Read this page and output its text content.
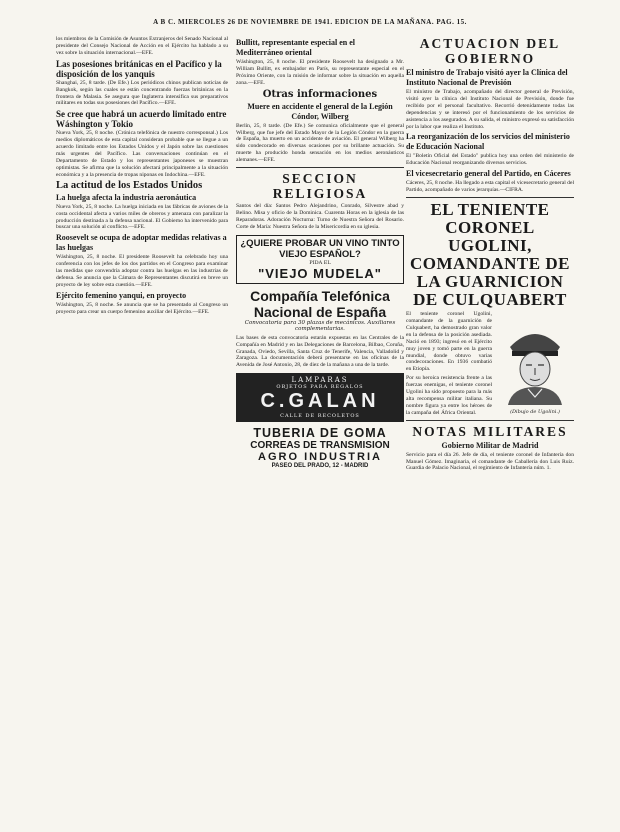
A B C. MIERCOLES 26 DE NOVIEMBRE DE 1941. EDICION DE LA MAÑANA. PAG. 15.

los miembros de la Comisión de Asuntos Extranjeros del Senado Nacional al presidente del Consejo Nacional de Acción en el Ejército ha hablado a su vez sobre la situación internacional.—EFE.

Las posesiones británicas en el Pacífico y la disposición de los yanquis

Shanghai, 25, 8 tarde. (De Efe.) Los periódicos chinos publican noticias de Bangkok, según las cuales se están concentrando fuerzas británicas en la frontera de Malasia. Se asegura que Inglaterra intensifica sus preparativos militares en todas sus posesiones del Pacífico.—EFE.

Se cree que habrá un acuerdo limitado entre Wáshington y Tokio

Nueva York, 25, 8 noche. (Crónica telefónica de nuestro corresponsal.) Los medios diplomáticos de esta capital consideran probable que se llegue a un acuerdo limitado entre los Estados Unidos y el Japón sobre las cuestiones más urgentes del Pacífico. Las conversaciones continúan en el Departamento de Estado y los representantes japoneses se muestran optimistas. Se afirma que la solución afectará principalmente a la situación económica y a la presencia de tropas niponas en Indochina.—EFE.

La actitud de los Estados Unidos
La huelga afecta la industria aeronáutica

Nueva York, 25, 8 noche. La huelga iniciada en las fábricas de aviones de la costa occidental afecta a varios miles de obreros y amenaza con paralizar la producción destinada a la defensa nacional. El Gobierno ha intervenido para buscar una solución al conflicto.—EFE.

Roosevelt se ocupa de adoptar medidas relativas a las huelgas

Wáshington, 25, 8 noche. El presidente Roosevelt ha celebrado hoy una conferencia con los jefes de los dos partidos en el Congreso para examinar las medidas que convendría adoptar contra las huelgas en las industrias de defensa. Se anuncia que la Cámara de Representantes discutirá en breve un proyecto de ley sobre esta cuestión.—EFE.

Ejército femenino yanqui, en proyecto

Wáshington, 25, 8 noche. Se anuncia que se ha presentado al Congreso un proyecto para crear un cuerpo femenino auxiliar del Ejército.—EFE.

Bullitt, representante especial en el Mediterráneo oriental

Wáshington, 25, 8 noche. El presidente Roosevelt ha designado a Mr. William Bullitt, ex embajador en París, su representante especial en el Próximo Oriente, con la misión de informar sobre la situación en aquella zona.—EFE.

Otras informaciones
Muere en accidente el general de la Legión Cóndor, Wilberg

Berlín, 25, 8 tarde. (De Efe.) Se comunica oficialmente que el general Wilberg, que fue jefe del Estado Mayor de la Legión Cóndor en la guerra de España, ha muerto en un accidente de aviación. El general Wilberg ha sido condecorado en diversas ocasiones por su brillante actuación. Su muerte ha producido honda sensación en los medios aeronáuticos alemanes.—EFE.

SECCION RELIGIOSA

Santos del día: Santos Pedro Alejandrino, Conrado, Silvestre abad y Belino. Misa y oficio de la Dominica. Cuarenta Horas en la iglesia de las Reparadoras. Adoración Nocturna: Turno de Nuestra Señora del Rosario. Corte de María: Nuestra Señora de la Misericordia en su iglesia.

¿QUIERE PROBAR UN VINO TINTO VIEJO ESPAÑOL?
PIDA EL
"VIEJO MUDELA"
Compañía Telefónica Nacional de España
Convocatoria para 30 plazas de mecánicos. Auxiliares complementarias.

Las bases de esta convocatoria estarán expuestas en las Centrales de la Compañía en Madrid y en las Delegaciones de Barcelona, Bilbao, Coruña, Granada, Oviedo, Sevilla, Santa Cruz de Tenerife, Valencia, Valladolid y Zaragoza. La documentación deberá presentarse en las oficinas de la Avenida de José Antonio, 28, de diez de la mañana a una de la tarde.

LAMPARAS
OBJETOS PARA REGALOS
C.GALAN
CALLE DE RECOLETOS
TUBERIA DE GOMA
CORREAS DE TRANSMISION
AGRO INDUSTRIA
PASEO DEL PRADO, 12 - MADRID
ACTUACION DEL GOBIERNO
El ministro de Trabajo visitó ayer la Clínica del Instituto Nacional de Previsión

El ministro de Trabajo, acompañado del director general de Previsión, visitó ayer la clínica del Instituto Nacional de Previsión, donde fue recibido por el personal facultativo. Recorrió detenidamente todas las dependencias y se interesó por el funcionamiento de los servicios de asistencia a los asegurados. A su salida, el ministro expresó su satisfacción por la labor que realiza el Instituto.

La reorganización de los servicios del ministerio de Educación Nacional

El "Boletín Oficial del Estado" publica hoy una orden del ministerio de Educación Nacional reorganizando diversos servicios.

El vicesecretario general del Partido, en Cáceres

Cáceres, 25, 8 noche. Ha llegado a esta capital el vicesecretario general del Partido, acompañado de varios jerarquías.—CIFRA.

EL TENIENTE CORONEL UGOLINI, COMANDANTE DE LA GUARNICION DE CULQUABERT
(Dibujo de Ugolini.)

El teniente coronel Ugolini, comandante de la guarnición de Culquabert, ha demostrado gran valor en la defensa de la posición asediada. Nació en 1893; ingresó en el Ejército muy joven y tomó parte en la guerra mundial, donde obtuvo varias condecoraciones. En 1936 combatió en Etiopía.

Por su heroica resistencia frente a las fuerzas enemigas, el teniente coronel Ugolini ha sido propuesto para la más alta recompensa militar italiana. Su nombre figura ya entre los héroes de la campaña del África Oriental.

NOTAS MILITARES
Gobierno Militar de Madrid

Servicio para el día 26. Jefe de día, el teniente coronel de Infantería don Manuel Gómez. Imaginaria, el comandante de Caballería don Luis Ruiz. Guardia de Palacio Nacional, el regimiento de Infantería núm. 1.
